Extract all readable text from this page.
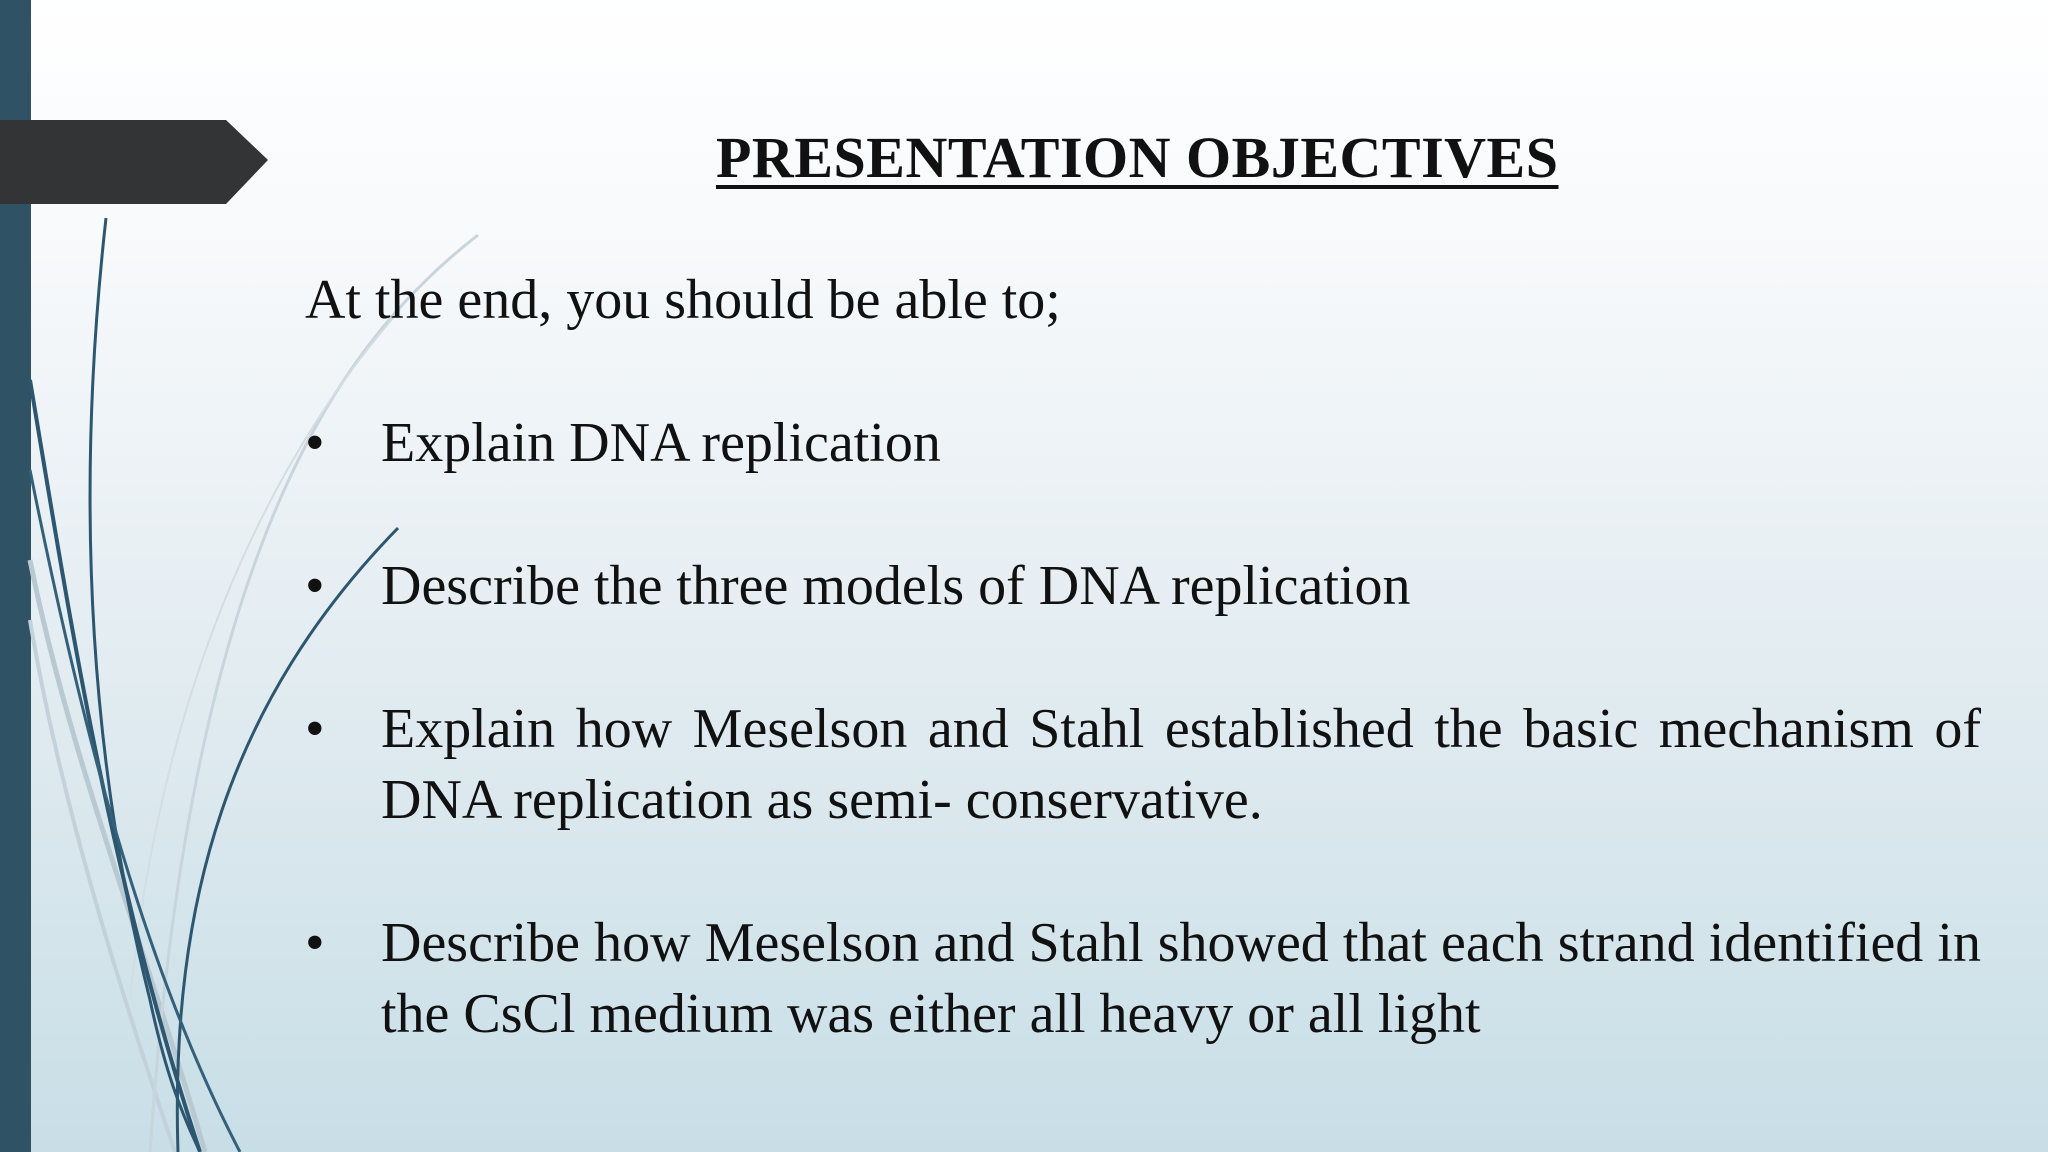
PRESENTATION OBJECTIVES
At the end, you should be able to;
•	Explain DNA replication
•	Describe the three models of DNA replication
•	Explain how Meselson and Stahl established the basic mechanism of DNA replication as semi- conservative.
•	Describe how Meselson and Stahl showed that each strand identified in the CsCl medium was either all heavy or all light
